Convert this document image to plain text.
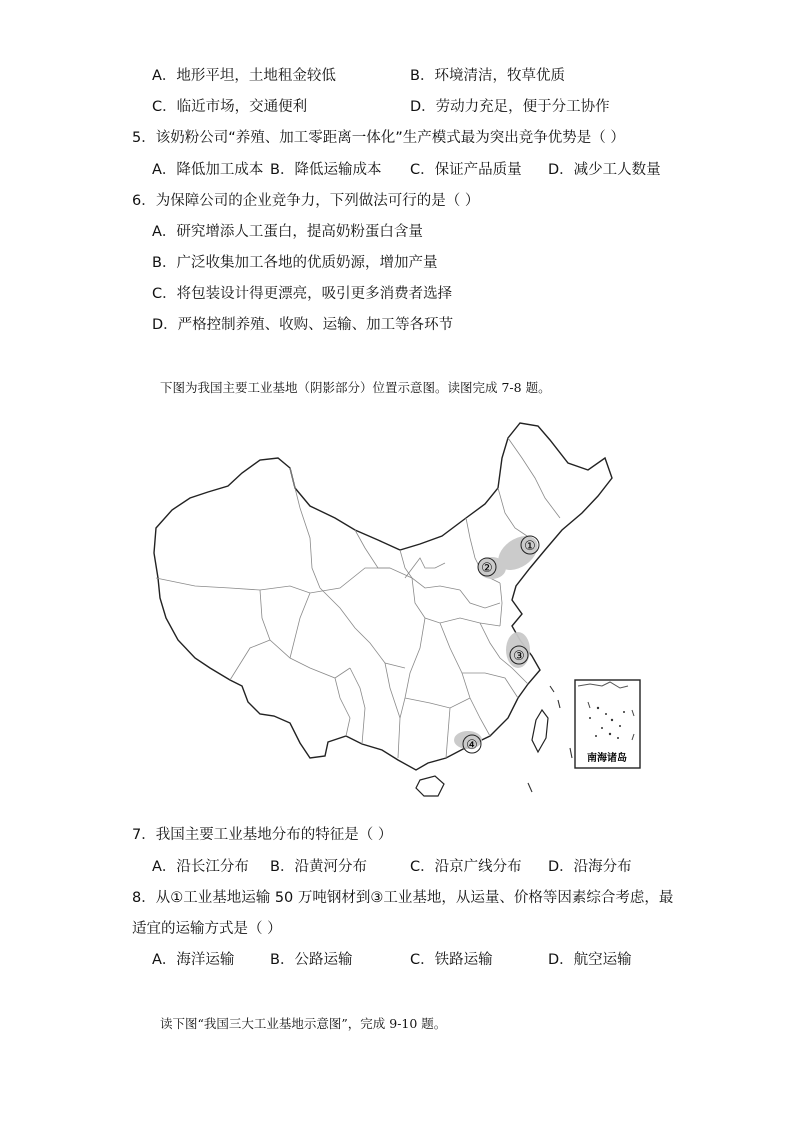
A．地形平坦，土地租金较低	B．环境清洁，牧草优质
C．临近市场，交通便利	D．劳动力充足，便于分工协作
5．该奶粉公司“养殖、加工零距离一体化”生产模式最为突出竞争优势是（ ）
A．降低加工成本 B．降低运输成本 C．保证产品质量 D．减少工人数量
6．为保障公司的企业竞争力，下列做法可行的是（ ）
A．研究增添人工蛋白，提高奶粉蛋白含量
B．广泛收集加工各地的优质奶源，增加产量
C．将包装设计得更漂亮，吸引更多消费者选择
D．严格控制养殖、收购、运输、加工等各环节
下图为我国主要工业基地（阴影部分）位置示意图。读图完成 7-8 题。
①
②
③
④
南海诸岛
7．我国主要工业基地分布的特征是（ ）
A．沿长江分布 B．沿黄河分布	C．沿京广线分布 D．沿海分布
8．从①工业基地运输 50 万吨钢材到③工业基地，从运量、价格等因素综合考虑，最
适宜的运输方式是（ ）
A．海洋运输 B．公路运输	C．铁路运输	D．航空运输
读下图“我国三大工业基地示意图”，完成 9-10 题。
